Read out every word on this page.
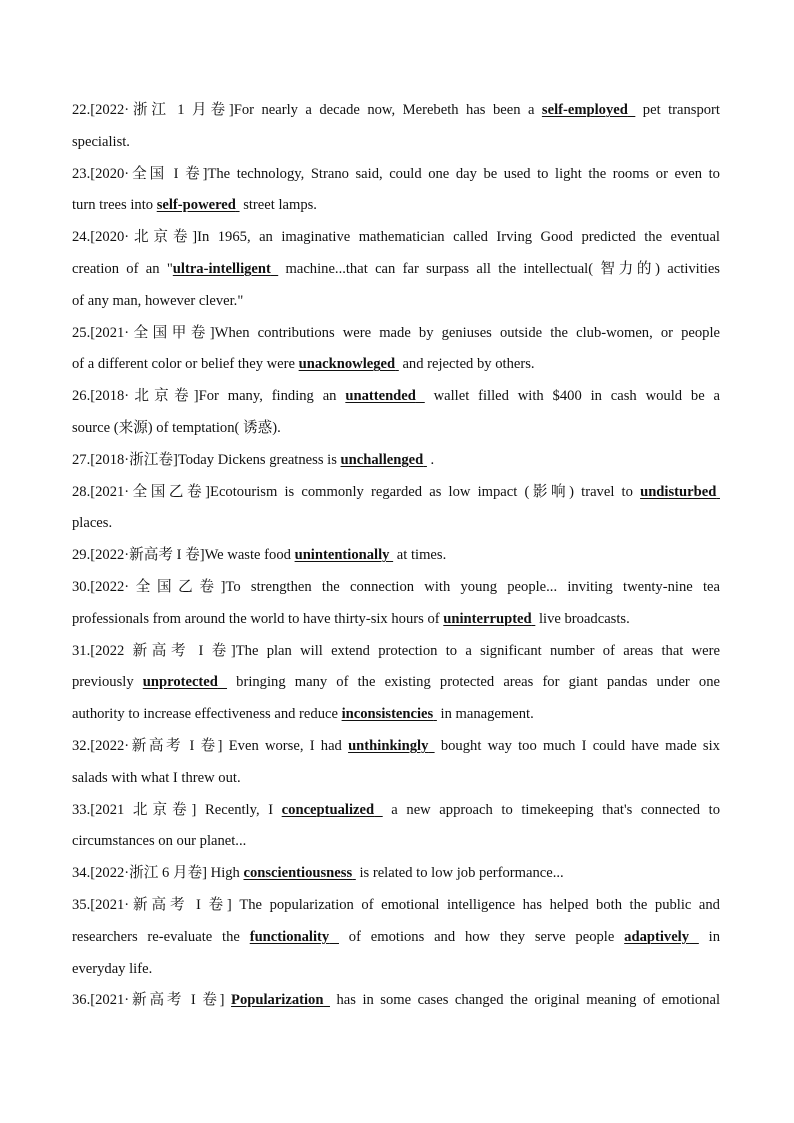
22.[2022·浙江 1 月卷]For nearly a decade now, Merebeth has been a self-employed pet transport
specialist.
23.[2020·全国 I 卷]The technology, Strano said, could one day be used to light the rooms or even to
turn trees into self-powered street lamps.
24.[2020·北京卷]In 1965, an imaginative mathematician called Irving Good predicted the eventual
creation of an "ultra-intelligent machine...that can far surpass all the intellectual( 智力的) activities
of any man, however clever."
25.[2021·全国甲卷]When contributions were made by geniuses outside the club-women, or people
of a different color or belief they were unacknowleged and rejected by others.
26.[2018·北京卷]For many, finding an unattended wallet filled with $400 in cash would be a
source (来源) of temptation( 诱惑).
27.[2018·浙江卷]Today Dickens greatness is unchallenged .
28.[2021·全国乙卷]Ecotourism is commonly regarded as low impact (影响) travel to undisturbed
places.
29.[2022·新高考 I 卷]We waste food unintentionally at times.
30.[2022·全国乙卷]To strengthen the connection with young people... inviting twenty-nine tea
professionals from around the world to have thirty-six hours of uninterrupted live broadcasts.
31.[2022 新高考 I 卷]The plan will extend protection to a significant number of areas that were
previously unprotected bringing many of the existing protected areas for giant pandas under one
authority to increase effectiveness and reduce inconsistencies in management.
32.[2022·新高考 I 卷] Even worse, I had unthinkingly bought way too much I could have made six
salads with what I threw out.
33.[2021 北京卷] Recently, I conceptualized a new approach to timekeeping that's connected to
circumstances on our planet...
34.[2022·浙江 6 月卷] High conscientiousness is related to low job performance...
35.[2021·新高考 I 卷] The popularization of emotional intelligence has helped both the public and
researchers re-evaluate the functionality of emotions and how they serve people adaptively in
everyday life.
36.[2021·新高考 I 卷] Popularization has in some cases changed the original meaning of emotional
